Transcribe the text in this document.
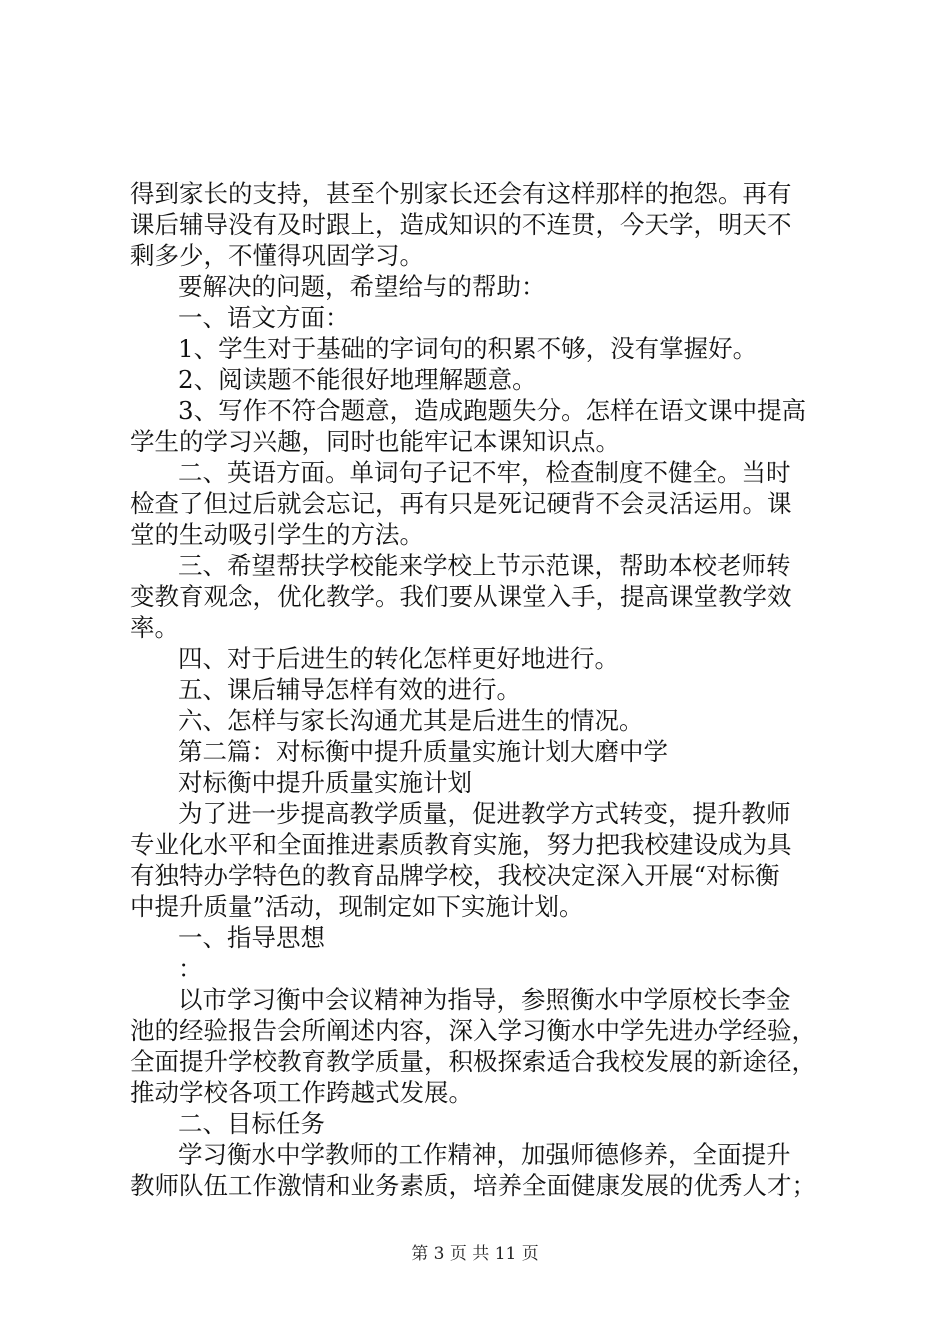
得到家长的支持，甚至个别家长还会有这样那样的抱怨。再有
课后辅导没有及时跟上，造成知识的不连贯，今天学，明天不
剩多少，不懂得巩固学习。
要解决的问题，希望给与的帮助：
一、语文方面：
1、学生对于基础的字词句的积累不够，没有掌握好。
2、阅读题不能很好地理解题意。
3、写作不符合题意，造成跑题失分。怎样在语文课中提高
学生的学习兴趣，同时也能牢记本课知识点。
二、英语方面。单词句子记不牢，检查制度不健全。当时
检查了但过后就会忘记，再有只是死记硬背不会灵活运用。课
堂的生动吸引学生的方法。
三、希望帮扶学校能来学校上节示范课，帮助本校老师转
变教育观念，优化教学。我们要从课堂入手，提高课堂教学效
率。
四、对于后进生的转化怎样更好地进行。
五、课后辅导怎样有效的进行。
六、怎样与家长沟通尤其是后进生的情况。
第二篇：对标衡中提升质量实施计划大磨中学
对标衡中提升质量实施计划
为了进一步提高教学质量，促进教学方式转变，提升教师
专业化水平和全面推进素质教育实施，努力把我校建设成为具
有独特办学特色的教育品牌学校，我校决定深入开展“对标衡
中提升质量”活动，现制定如下实施计划。
一、指导思想
：
以市学习衡中会议精神为指导，参照衡水中学原校长李金
池的经验报告会所阐述内容，深入学习衡水中学先进办学经验，
全面提升学校教育教学质量，积极探索适合我校发展的新途径，
推动学校各项工作跨越式发展。
二、目标任务
学习衡水中学教师的工作精神，加强师德修养，全面提升
教师队伍工作激情和业务素质，培养全面健康发展的优秀人才；
第 3 页 共 11 页
